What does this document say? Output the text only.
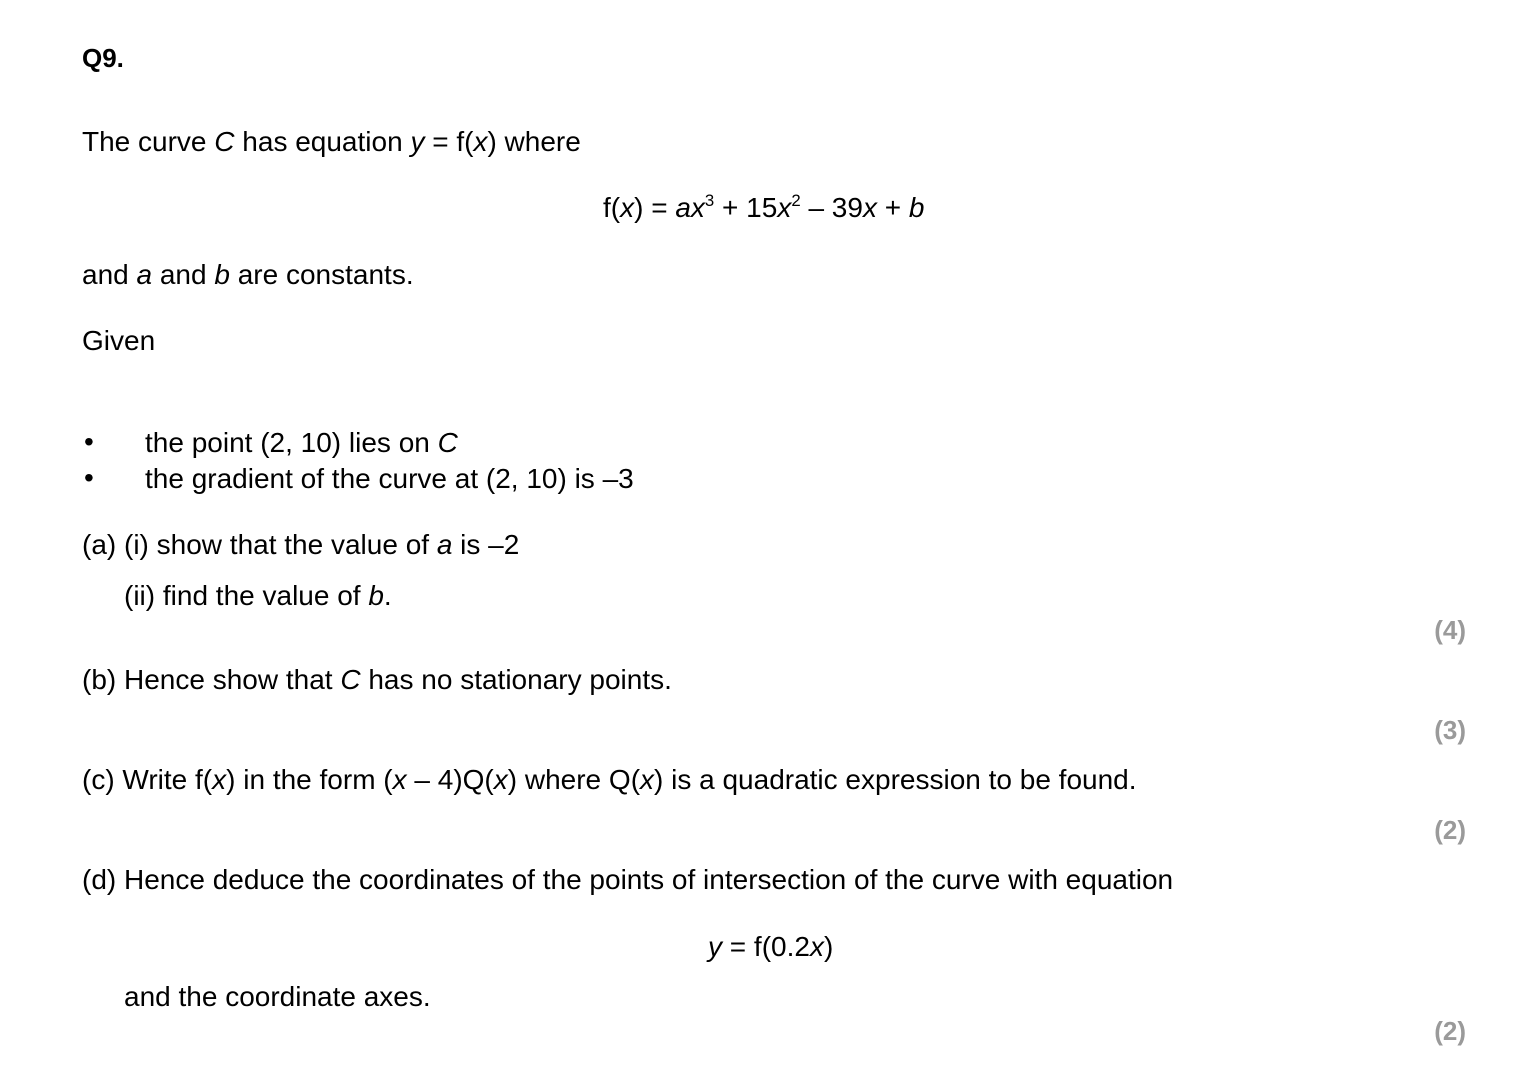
Q9.
The curve C has equation y = f(x) where
$f(x) = ax^3 + 15x^2 - 39x + b$
and a and b are constants.
Given
• the point (2, 10) lies on C
• the gradient of the curve at (2, 10) is –3
(a) (i) show that the value of a is –2
(ii) find the value of b.
(4)
(b) Hence show that C has no stationary points.
(3)
(c) Write f(x) in the form (x – 4)Q(x) where Q(x) is a quadratic expression to be found.
(2)
(d) Hence deduce the coordinates of the points of intersection of the curve with equation
y = f(0.2x)
and the coordinate axes.
(2)
